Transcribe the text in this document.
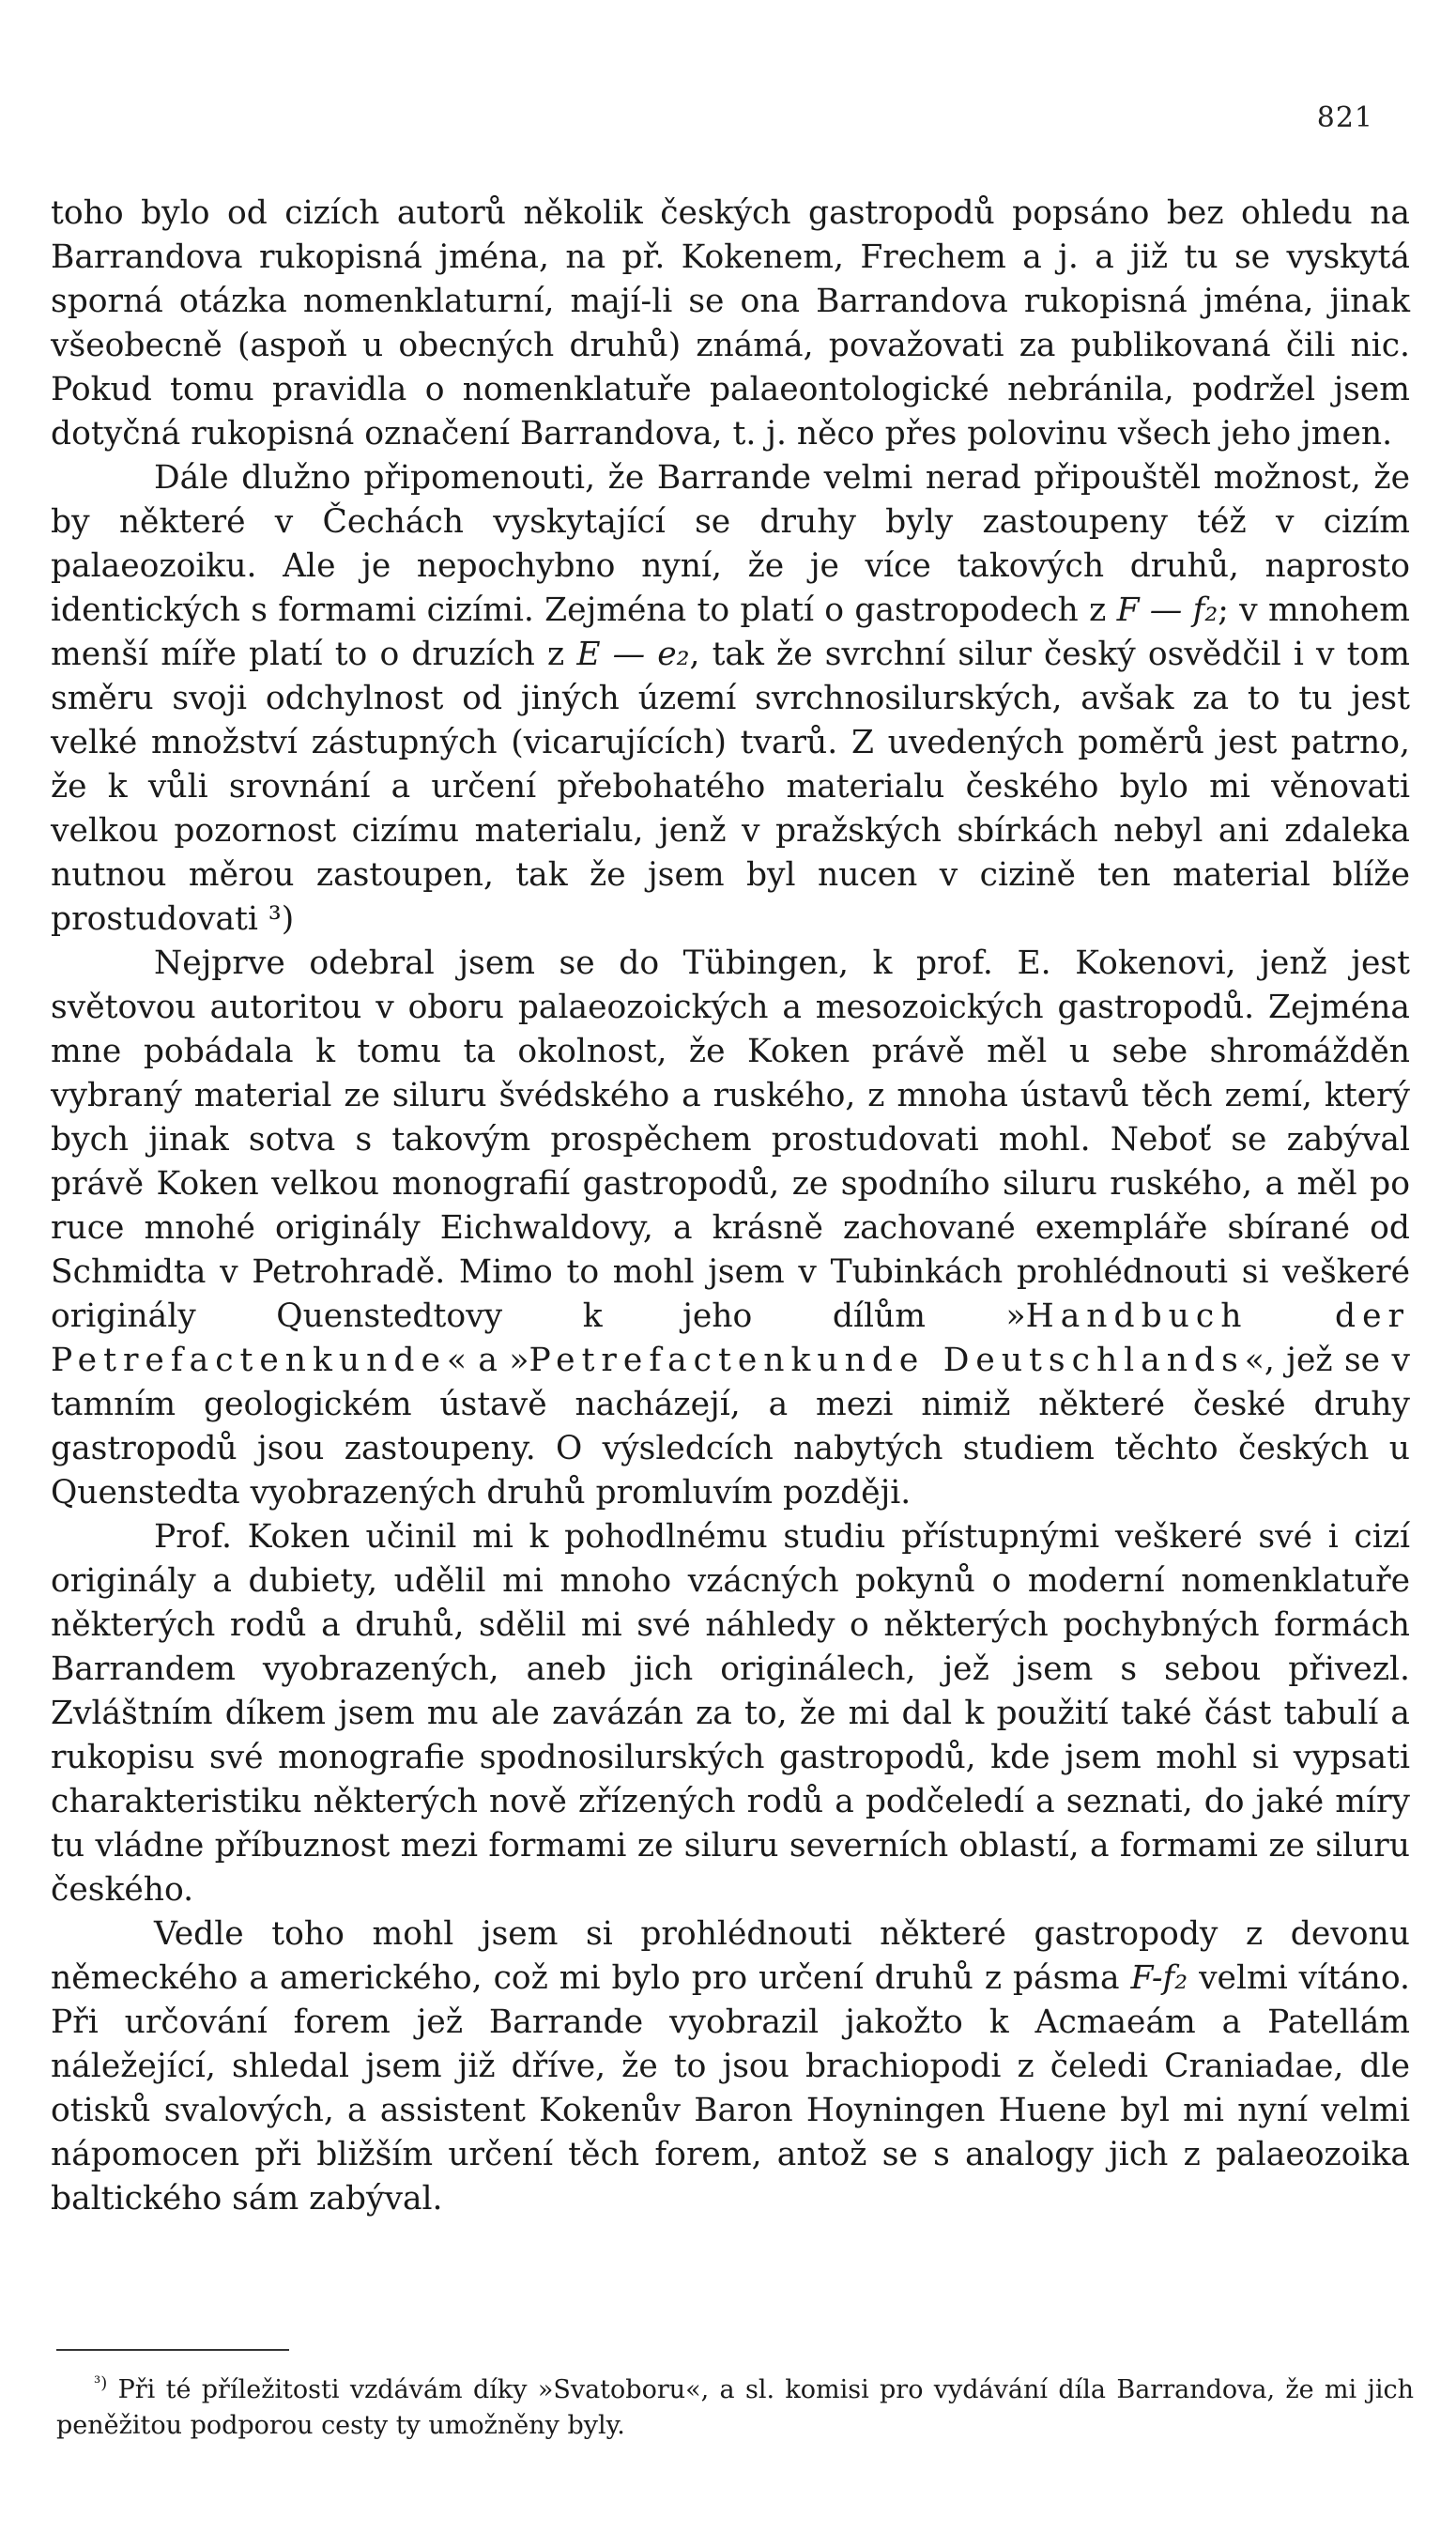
821

toho bylo od cizích autorů několik českých gastropodů popsáno bez ohledu na Barrandova rukopisná jména, na př. Kokenem, Frechem a j. a již tu se vyskytá sporná otázka nomenklaturní, mají-li se ona Barrandova rukopisná jména, jinak všeobecně (aspoň u obecných druhů) známá, považovati za publikovaná čili nic. Pokud tomu pravidla o nomenklatuře palaeontologické nebránila, podržel jsem dotyčná rukopisná označení Barrandova, t. j. něco přes polovinu všech jeho jmen.

Dále dlužno připomenouti, že Barrande velmi nerad připouštěl možnost, že by některé v Čechách vyskytající se druhy byly zastoupeny též v cizím palaeozoiku. Ale je nepochybno nyní, že je více takových druhů, naprosto identických s formami cizími. Zejména to platí o gastropodech z F — f₂; v mnohem menší míře platí to o druzích z E — e₂, tak že svrchní silur český osvědčil i v tom směru svoji odchylnost od jiných území svrchnosilurských, avšak za to tu jest velké množství zástupných (vicarujících) tvarů. Z uvedených poměrů jest patrno, že k vůli srovnání a určení přebohatého materialu českého bylo mi věnovati velkou pozornost cizímu materialu, jenž v pražských sbírkách nebyl ani zdaleka nutnou měrou zastoupen, tak že jsem byl nucen v cizině ten material blíže prostudovati ³)

Nejprve odebral jsem se do Tübingen, k prof. E. Kokenovi, jenž jest světovou autoritou v oboru palaeozoických a mesozoických gastropodů. Zejména mne pobádala k tomu ta okolnost, že Koken právě měl u sebe shromážděn vybraný material ze siluru švédského a ruského, z mnoha ústavů těch zemí, který bych jinak sotva s takovým prospěchem prostudovati mohl. Neboť se zabýval právě Koken velkou monografií gastropodů, ze spodního siluru ruského, a měl po ruce mnohé originály Eichwaldovy, a krásně zachované exempláře sbírané od Schmidta v Petrohradě. Mimo to mohl jsem v Tubinkách prohlédnouti si veškeré originály Quenstedtovy k jeho dílům »Handbuch der Petrefactenkunde« a »Petrefactenkunde Deutschlands«, jež se v tamním geologickém ústavě nacházejí, a mezi nimiž některé české druhy gastropodů jsou zastoupeny. O výsledcích nabytých studiem těchto českých u Quenstedta vyobrazených druhů promluvím později.

Prof. Koken učinil mi k pohodlnému studiu přístupnými veškeré své i cizí originály a dubiety, udělil mi mnoho vzácných pokynů o moderní nomenklatuře některých rodů a druhů, sdělil mi své náhledy o některých pochybných formách Barrandem vyobrazených, aneb jich originálech, jež jsem s sebou přivezl. Zvláštním díkem jsem mu ale zavázán za to, že mi dal k použití také část tabulí a rukopisu své monografie spodnosilurských gastropodů, kde jsem mohl si vypsati charakteristiku některých nově zřízených rodů a podčeledí a seznati, do jaké míry tu vládne příbuznost mezi formami ze siluru severních oblastí, a formami ze siluru českého.

Vedle toho mohl jsem si prohlédnouti některé gastropody z devonu německého a amerického, což mi bylo pro určení druhů z pásma F-f₂ velmi vítáno. Při určování forem jež Barrande vyobrazil jakožto k Acmaeám a Patellám náležející, shledal jsem již dříve, že to jsou brachiopodi z čeledi Craniadae, dle otisků svalových, a assistent Kokenův Baron Hoyningen Huene byl mi nyní velmi nápomocen při bližším určení těch forem, antož se s analogy jich z palaeozoika baltického sám zabýval.

$^{^3)}$ Při té příležitosti vzdávám díky »Svatoboru«, a sl. komisi pro vydávání díla Barrandova, že mi jich peněžitou podporou cesty ty umožněny byly.
